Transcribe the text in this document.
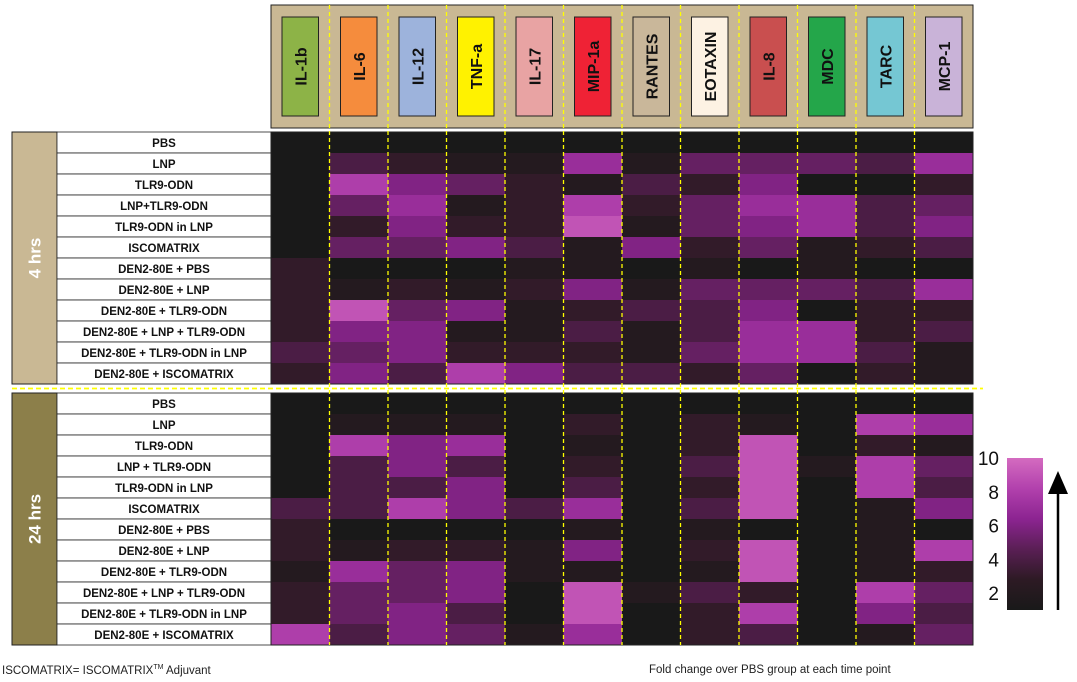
IL-1b	IL-6	IL-12	TNF-a	IL-17	MIP-1a	RANTES	EOTAXIN	IL-8	MDC	TARC	MCP-1
4 hrs
24 hrs
PBS
LNP
TLR9-ODN
LNP+TLR9-ODN
TLR9-ODN in LNP
ISCOMATRIX
DEN2-80E + PBS
DEN2-80E + LNP
DEN2-80E + TLR9-ODN
DEN2-80E + LNP + TLR9-ODN
DEN2-80E + TLR9-ODN in LNP
DEN2-80E + ISCOMATRIX
PBS
LNP
TLR9-ODN
LNP + TLR9-ODN
TLR9-ODN in LNP
ISCOMATRIX
DEN2-80E + PBS
DEN2-80E + LNP
DEN2-80E + TLR9-ODN
DEN2-80E + LNP + TLR9-ODN
DEN2-80E + TLR9-ODN in LNP
DEN2-80E + ISCOMATRIX
10
8
6
4
2
ISCOMATRIX= ISCOMATRIX™ Adjuvant	Fold change over PBS group at each time point
